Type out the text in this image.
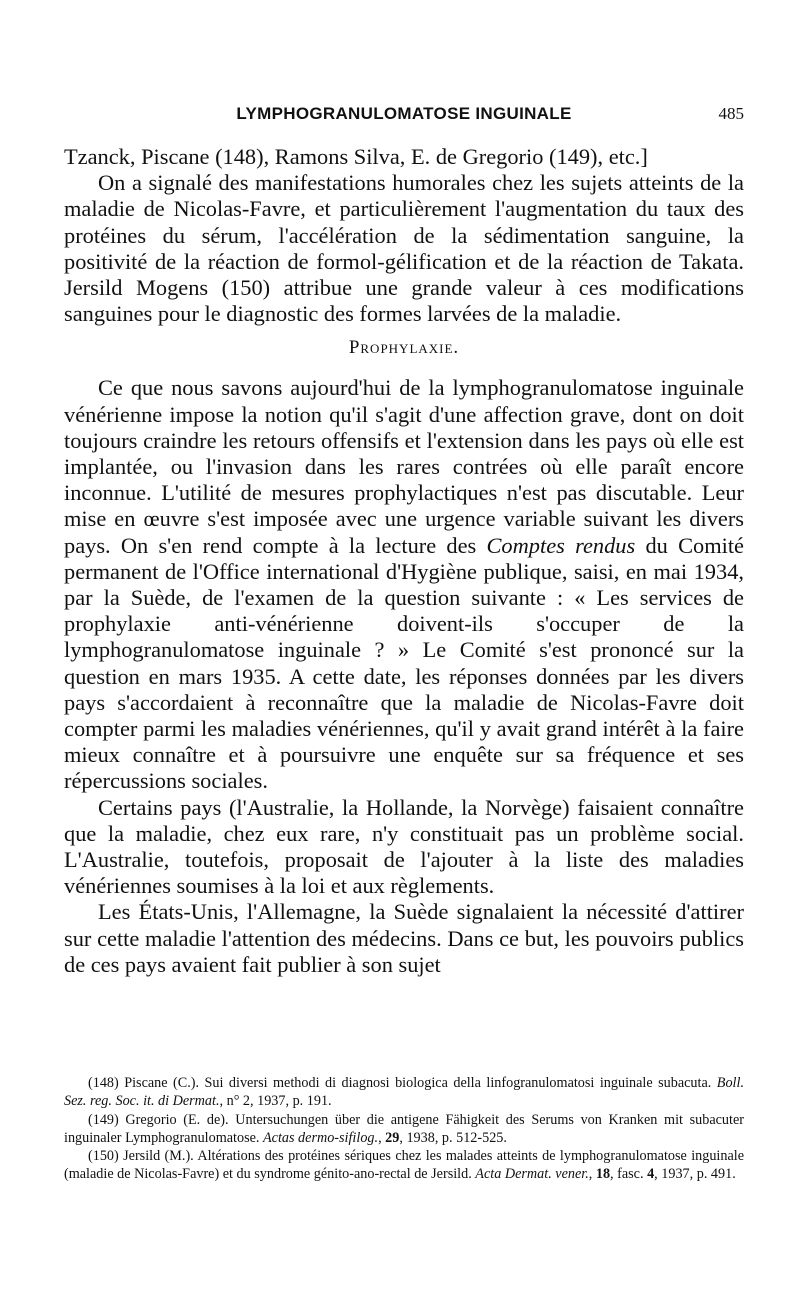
LYMPHOGRANULOMATOSE INGUINALE	485

Tzanck, Piscane (148), Ramons Silva, E. de Gregorio (149), etc.]

On a signalé des manifestations humorales chez les sujets atteints de la maladie de Nicolas-Favre, et particulièrement l'augmentation du taux des protéines du sérum, l'accélération de la sédimentation sanguine, la positivité de la réaction de formol-gélification et de la réaction de Takata. Jersild Mogens (150) attribue une grande valeur à ces modifications sanguines pour le diagnostic des formes larvées de la maladie.

Prophylaxie.

Ce que nous savons aujourd'hui de la lymphogranulomatose inguinale vénérienne impose la notion qu'il s'agit d'une affection grave, dont on doit toujours craindre les retours offensifs et l'extension dans les pays où elle est implantée, ou l'invasion dans les rares contrées où elle paraît encore inconnue. L'utilité de mesures prophylactiques n'est pas discutable. Leur mise en œuvre s'est imposée avec une urgence variable suivant les divers pays. On s'en rend compte à la lecture des Comptes rendus du Comité permanent de l'Office international d'Hygiène publique, saisi, en mai 1934, par la Suède, de l'examen de la question suivante : « Les services de prophylaxie anti-vénérienne doivent-ils s'occuper de la lymphogranulomatose inguinale ? » Le Comité s'est prononcé sur la question en mars 1935. A cette date, les réponses données par les divers pays s'accordaient à reconnaître que la maladie de Nicolas-Favre doit compter parmi les maladies vénériennes, qu'il y avait grand intérêt à la faire mieux connaître et à poursuivre une enquête sur sa fréquence et ses répercussions sociales.

Certains pays (l'Australie, la Hollande, la Norvège) faisaient connaître que la maladie, chez eux rare, n'y constituait pas un problème social. L'Australie, toutefois, proposait de l'ajouter à la liste des maladies vénériennes soumises à la loi et aux règlements.

Les États-Unis, l'Allemagne, la Suède signalaient la nécessité d'attirer sur cette maladie l'attention des médecins. Dans ce but, les pouvoirs publics de ces pays avaient fait publier à son sujet

(148) Piscane (C.). Sui diversi methodi di diagnosi biologica della linfogranulomatosi inguinale subacuta. Boll. Sez. reg. Soc. it. di Dermat., n° 2, 1937, p. 191.

(149) Gregorio (E. de). Untersuchungen über die antigene Fähigkeit des Serums von Kranken mit subacuter inguinaler Lymphogranulomatose. Actas dermo-sifilog., 29, 1938, p. 512-525.

(150) Jersild (M.). Altérations des protéines sériques chez les malades atteints de lymphogranulomatose inguinale (maladie de Nicolas-Favre) et du syndrome génito-ano-rectal de Jersild. Acta Dermat. vener., 18, fasc. 4, 1937, p. 491.
